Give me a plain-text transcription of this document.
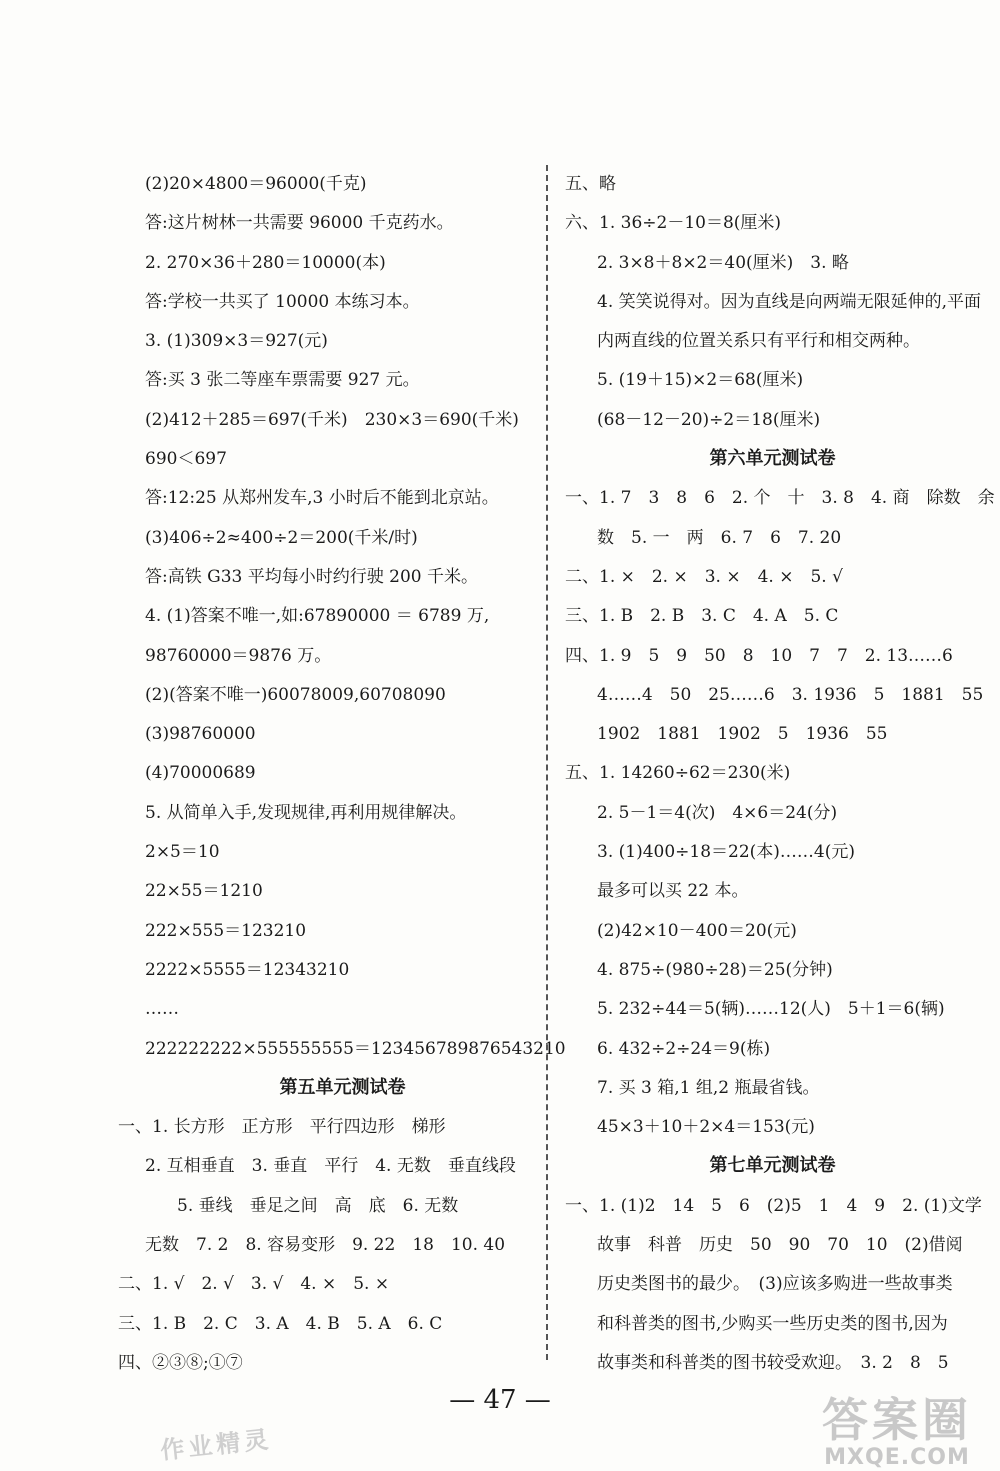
(2)20×4800＝96000(千克)
答:这片树林一共需要 96000 千克药水。
2. 270×36＋280＝10000(本)
答:学校一共买了 10000 本练习本。
3. (1)309×3＝927(元)
答:买 3 张二等座车票需要 927 元。
(2)412＋285＝697(千米)　230×3＝690(千米)
690＜697
答:12:25 从郑州发车,3 小时后不能到北京站。
(3)406÷2≈400÷2＝200(千米/时)
答:高铁 G33 平均每小时约行驶 200 千米。
4. (1)答案不唯一,如:67890000 ＝ 6789 万,
98760000＝9876 万。
(2)(答案不唯一)60078009,60708090
(3)98760000
(4)70000689
5. 从简单入手,发现规律,再利用规律解决。
2×5＝10
22×55＝1210
222×555＝123210
2222×5555＝12343210
……
222222222×555555555＝123456789876543210
第五单元测试卷
一、1. 长方形　正方形　平行四边形　梯形
2. 互相垂直　3. 垂直　平行　4. 无数　垂直线段
5. 垂线　垂足之间　高　底　6. 无数
无数　7. 2　8. 容易变形　9. 22　18　10. 40
二、1. √　2. √　3. √　4. ×　5. ×
三、1. B　2. C　3. A　4. B　5. A　6. C
四、②③⑧;①⑦
五、略
六、1. 36÷2－10＝8(厘米)
2. 3×8＋8×2＝40(厘米)　3. 略
4. 笑笑说得对。因为直线是向两端无限延伸的,平面
内两直线的位置关系只有平行和相交两种。
5. (19＋15)×2＝68(厘米)
(68－12－20)÷2＝18(厘米)
第六单元测试卷
一、1. 7　3　8　6　2. 个　十　3. 8　4. 商　除数　余
数　5. 一　两　6. 7　6　7. 20
二、1. ×　2. ×　3. ×　4. ×　5. √
三、1. B　2. B　3. C　4. A　5. C
四、1. 9　5　9　50　8　10　7　7　2. 13……6
4……4　50　25……6　3. 1936　5　1881　55
1902　1881　1902　5　1936　55
五、1. 14260÷62＝230(米)
2. 5－1＝4(次)　4×6＝24(分)
3. (1)400÷18＝22(本)……4(元)
最多可以买 22 本。
(2)42×10－400＝20(元)
4. 875÷(980÷28)＝25(分钟)
5. 232÷44＝5(辆)……12(人)　5＋1＝6(辆)
6. 432÷2÷24＝9(栋)
7. 买 3 箱,1 组,2 瓶最省钱。
45×3＋10＋2×4＝153(元)
第七单元测试卷
一、1. (1)2　14　5　6　(2)5　1　4　9　2. (1)文学
故事　科普　历史　50　90　70　10　(2)借阅
历史类图书的最少。　(3)应该多购进一些故事类
和科普类的图书,少购买一些历史类的图书,因为
故事类和科普类的图书较受欢迎。　3. 2　8　5
— 47 —
作业精灵	答案圈
MXQE.COM
